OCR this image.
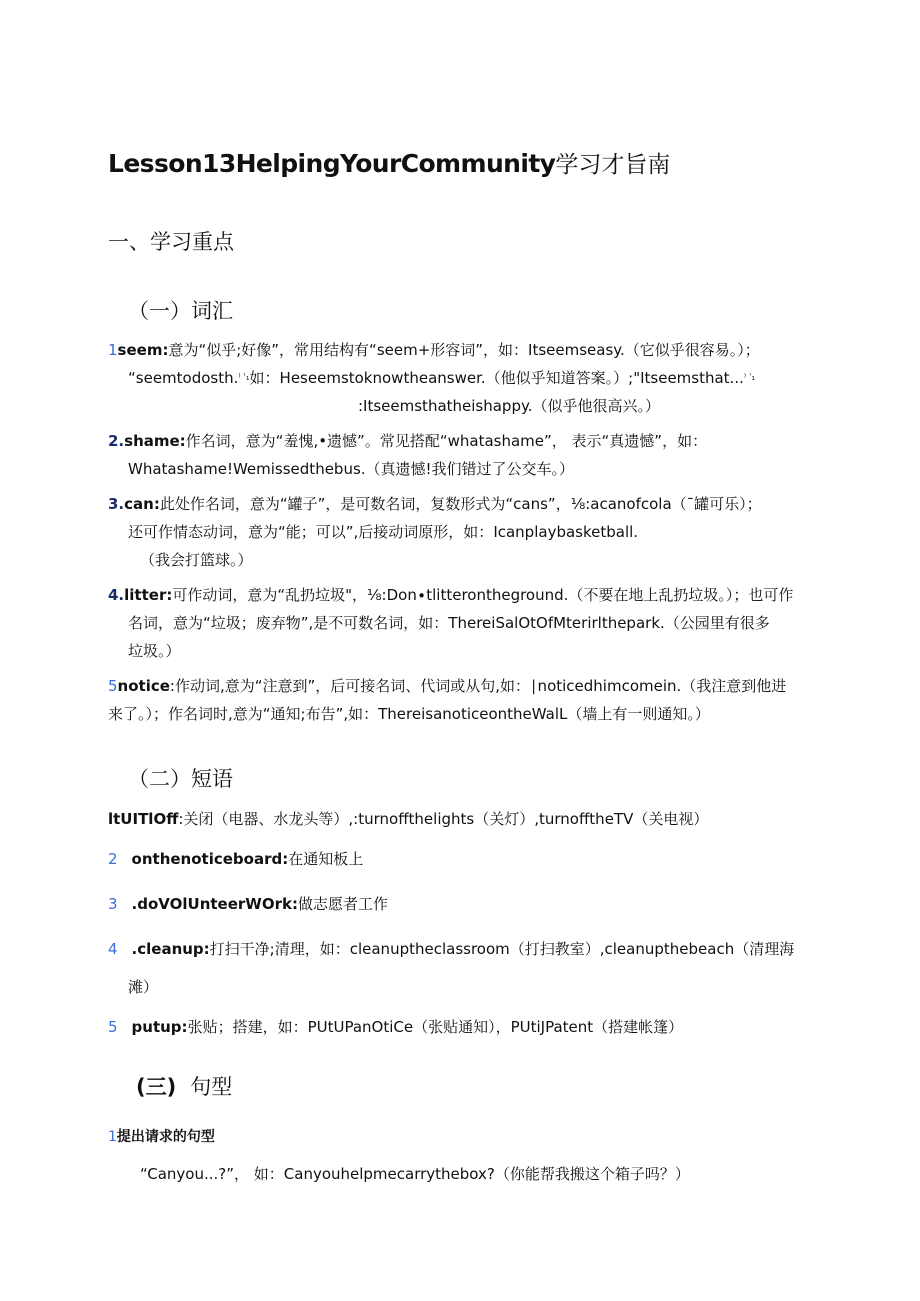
Lesson13HelpingYourCommunity学习才旨南
一、学习重点
（一）词汇
1seem:意为“似乎;好像”，常用结构有“seem+形容词”，如：Itseemseasy.（它似乎很容易。）；
“seemtodosth.$^{^) ˈ_1}$如：Heseemstoknowtheanswer.（他似乎知道答案。）;"Itseemsthat...$^{^) ˈ_1}$
:Itseemsthatheishappy.（似乎他很高兴。）
2.shame:作名词，意为“羞愧,•遗憾”。常见搭配“whatashame”， 表示“真遗憾”，如：
Whatashame!Wemissedthebus.（真遗憾!我们错过了公交车。）
3.can:此处作名词，意为“罐子”，是可数名词，复数形式为“cans”，⅛:acanofcola（¯罐可乐）；
还可作情态动词，意为“能；可以”,后接动词原形，如：Icanplaybasketball.
（我会打篮球。）
4.litter:可作动词，意为“乱扔垃圾"，⅛:Don∙tlitterontheground.（不要在地上乱扔垃圾。）；也可作
名词，意为“垃圾；废弃物”,是不可数名词，如：ThereiSalOtOfMterirlthepark.（公园里有很多
垃圾。）
5notice:作动词,意为“注意到”，后可接名词、代词或从句,如：∣noticedhimcomein.（我注意到他进
来了。）；作名词时,意为“通知;布告”,如：ThereisanoticeontheWalL（墙上有一则通知。）
（二）短语
ltUITlOff:关闭（电器、水龙头等）,:turnoffthelights（关灯）,turnofftheTV（关电视）
2 onthenoticeboard:在通知板上
3 .doVOlUnteerWOrk:做志愿者工作
4 .cleanup:打扫干净;清理，如：cleanuptheclassroom（打扫教室）,cleanupthebeach（清理海
滩）
5 putup:张贴；搭建，如：PUtUPanOtiCe（张贴通知），PUtiJPatent（搭建帐篷）
(三) 句型
1提出请求的句型
“Canyou...?”， 如：Canyouhelpmecarrythebox?（你能帮我搬这个箱子吗？）
